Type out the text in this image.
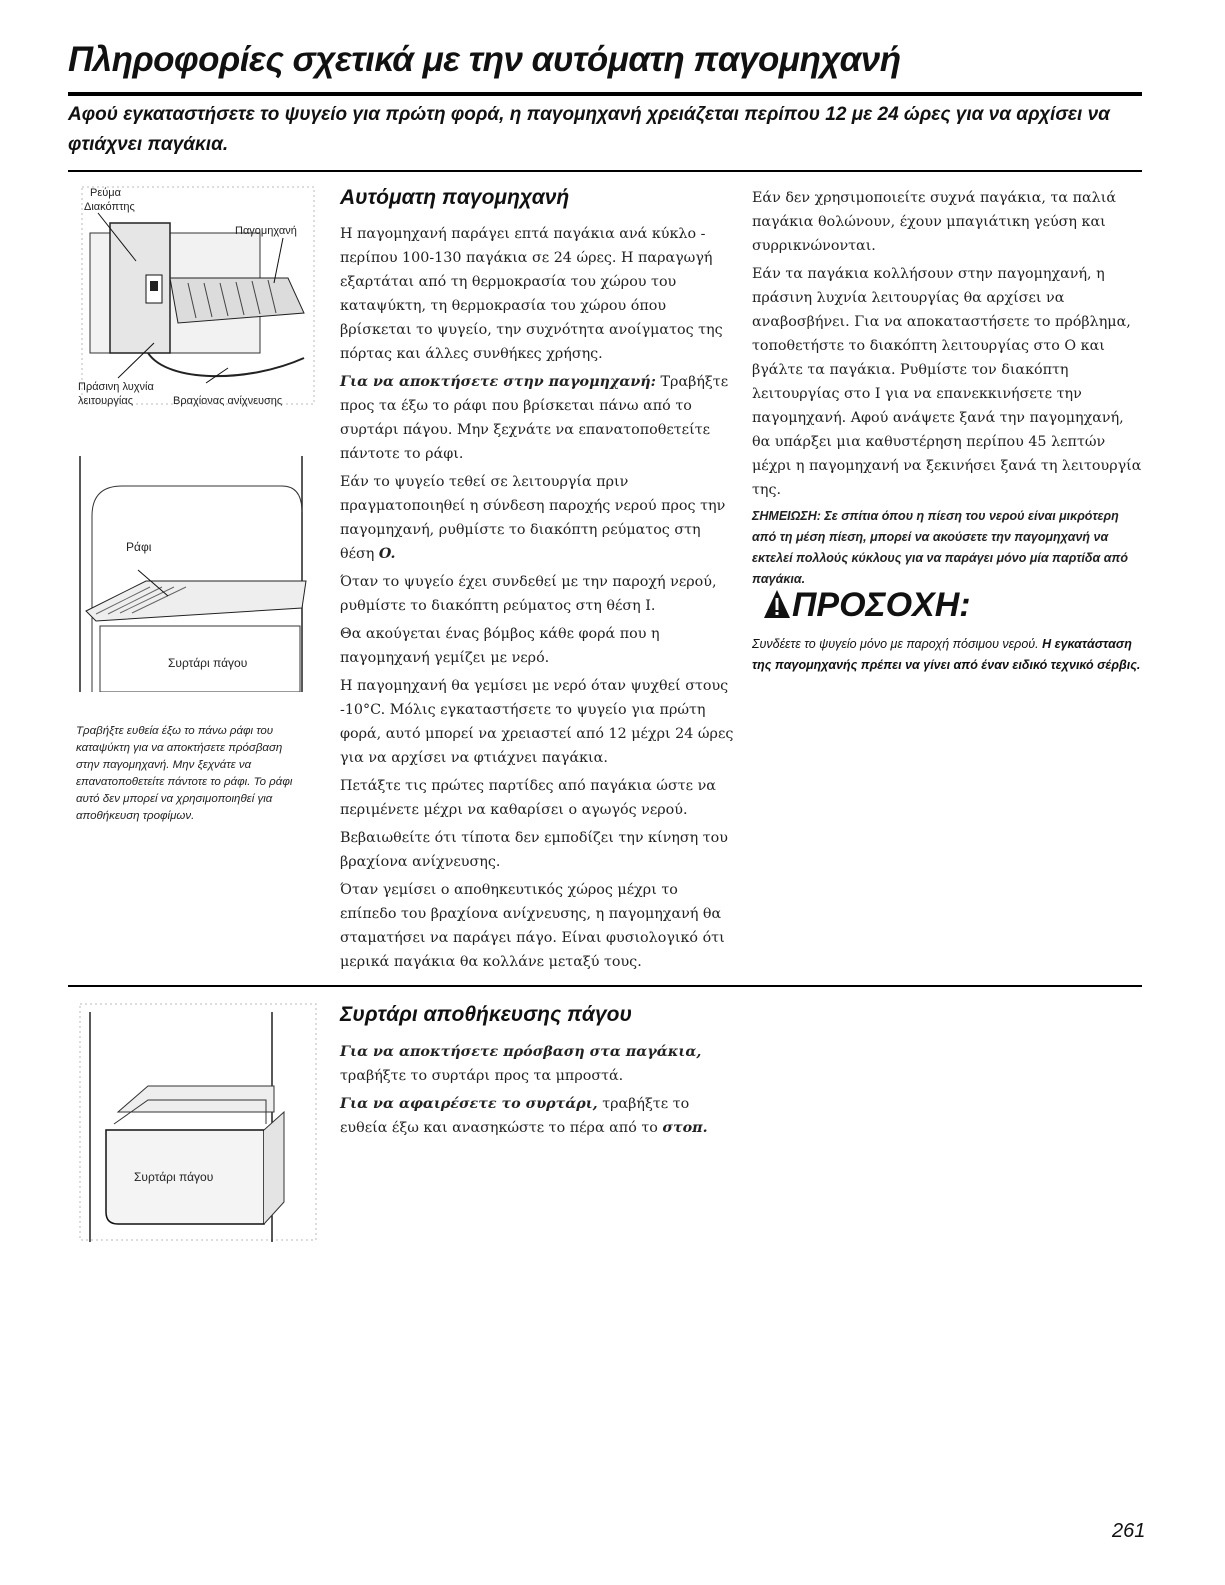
Πληροφορίες σχετικά με την αυτόματη παγομηχανή
Αφού εγκαταστήσετε το ψυγείο για πρώτη φορά, η παγομηχανή χρειάζεται περίπου 12 με 24 ώρες για να αρχίσει να φτιάχνει παγάκια.
Ρεύμα
Διακόπτης
Παγομηχανή
Πράσινη λυχνία
λειτουργίας	Βραχίονας ανίχνευσης
Ράφι
Συρτάρι πάγου
Τραβήξτε ευθεία έξω το πάνω ράφι του καταψύκτη για να αποκτήσετε πρόσβαση στην παγομηχανή. Μην ξεχνάτε να επανατοποθετείτε πάντοτε το ράφι. Το ράφι αυτό δεν μπορεί να χρησιμοποιηθεί για αποθήκευση τροφίμων.
Αυτόματη παγομηχανή

Η παγομηχανή παράγει επτά παγάκια ανά κύκλο - περίπου 100-130 παγάκια σε 24 ώρες. Η παραγωγή εξαρτάται από τη θερμοκρασία του χώρου του καταψύκτη, τη θερμοκρασία του χώρου όπου βρίσκεται το ψυγείο, την συχνότητα ανοίγματος της πόρτας και άλλες συνθήκες χρήσης.

Για να αποκτήσετε στην παγομηχανή: Τραβήξτε προς τα έξω το ράφι που βρίσκεται πάνω από το συρτάρι πάγου. Μην ξεχνάτε να επανατοποθετείτε πάντοτε το ράφι.

Εάν το ψυγείο τεθεί σε λειτουργία πριν πραγματοποιηθεί η σύνδεση παροχής νερού προς την παγομηχανή, ρυθμίστε το διακόπτη ρεύματος στη θέση O.

Όταν το ψυγείο έχει συνδεθεί με την παροχή νερού, ρυθμίστε το διακόπτη ρεύματος στη θέση I.

Θα ακούγεται ένας βόμβος κάθε φορά που η παγομηχανή γεμίζει με νερό.

Η παγομηχανή θα γεμίσει με νερό όταν ψυχθεί στους -10°C. Μόλις εγκαταστήσετε το ψυγείο για πρώτη φορά, αυτό μπορεί να χρειαστεί από 12 μέχρι 24 ώρες για να αρχίσει να φτιάχνει παγάκια.

Πετάξτε τις πρώτες παρτίδες από παγάκια ώστε να περιμένετε μέχρι να καθαρίσει ο αγωγός νερού.

Βεβαιωθείτε ότι τίποτα δεν εμποδίζει την κίνηση του βραχίονα ανίχνευσης.

Όταν γεμίσει ο αποθηκευτικός χώρος μέχρι το επίπεδο του βραχίονα ανίχνευσης, η παγομηχανή θα σταματήσει να παράγει πάγο. Είναι φυσιολογικό ότι μερικά παγάκια θα κολλάνε μεταξύ τους.

Εάν δεν χρησιμοποιείτε συχνά παγάκια, τα παλιά παγάκια θολώνουν, έχουν μπαγιάτικη γεύση και συρρικνώνονται.

Εάν τα παγάκια κολλήσουν στην παγομηχανή, η πράσινη λυχνία λειτουργίας θα αρχίσει να αναβοσβήνει. Για να αποκαταστήσετε το πρόβλημα, τοποθετήστε το διακόπτη λειτουργίας στο O και βγάλτε τα παγάκια. Ρυθμίστε τον διακόπτη λειτουργίας στο I για να επανεκκινήσετε την παγομηχανή. Αφού ανάψετε ξανά την παγομηχανή, θα υπάρξει μια καθυστέρηση περίπου 45 λεπτών μέχρι η παγομηχανή να ξεκινήσει ξανά τη λειτουργία της.

ΣΗΜΕΙΩΣΗ: Σε σπίτια όπου η πίεση του νερού είναι μικρότερη από τη μέση πίεση, μπορεί να ακούσετε την παγομηχανή να εκτελεί πολλούς κύκλους για να παράγει μόνο μία παρτίδα από παγάκια.
ΠΡΟΣΟΧΗ:
Συνδέετε το ψυγείο μόνο με παροχή πόσιμου νερού. Η εγκατάσταση της παγομηχανής πρέπει να γίνει από έναν ειδικό τεχνικό σέρβις.
Συρτάρι πάγου
Συρτάρι αποθήκευσης πάγου

Για να αποκτήσετε πρόσβαση στα παγάκια, τραβήξτε το συρτάρι προς τα μπροστά.

Για να αφαιρέσετε το συρτάρι, τραβήξτε το ευθεία έξω και ανασηκώστε το πέρα από το στοπ.

261
